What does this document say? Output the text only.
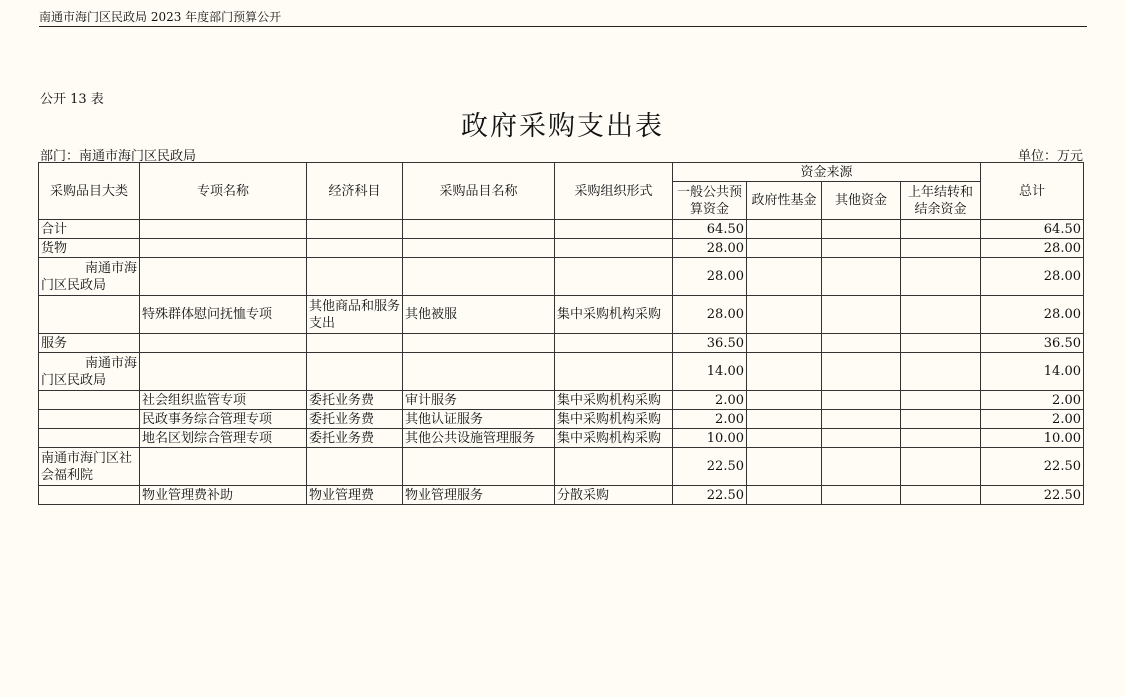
南通市海门区民政局 2023 年度部门预算公开
公开 13 表
政府采购支出表
部门：南通市海门区民政局	单位：万元
采购品目大类	专项名称	经济科目	采购品目名称	采购组织形式	资金来源				总计
					一般公共预算资金	政府性基金	其他资金	上年结转和结余资金	
合计					64.50				64.50
货物					28.00				28.00
南通市海门区民政局					28.00				28.00
	特殊群体慰问抚恤专项	其他商品和服务支出	其他被服	集中采购机构采购	28.00				28.00
服务					36.50				36.50
南通市海门区民政局					14.00				14.00
	社会组织监管专项	委托业务费	审计服务	集中采购机构采购	2.00				2.00
	民政事务综合管理专项	委托业务费	其他认证服务	集中采购机构采购	2.00				2.00
	地名区划综合管理专项	委托业务费	其他公共设施管理服务	集中采购机构采购	10.00				10.00
南通市海门区社会福利院					22.50				22.50
	物业管理费补助	物业管理费	物业管理服务	分散采购	22.50				22.50
